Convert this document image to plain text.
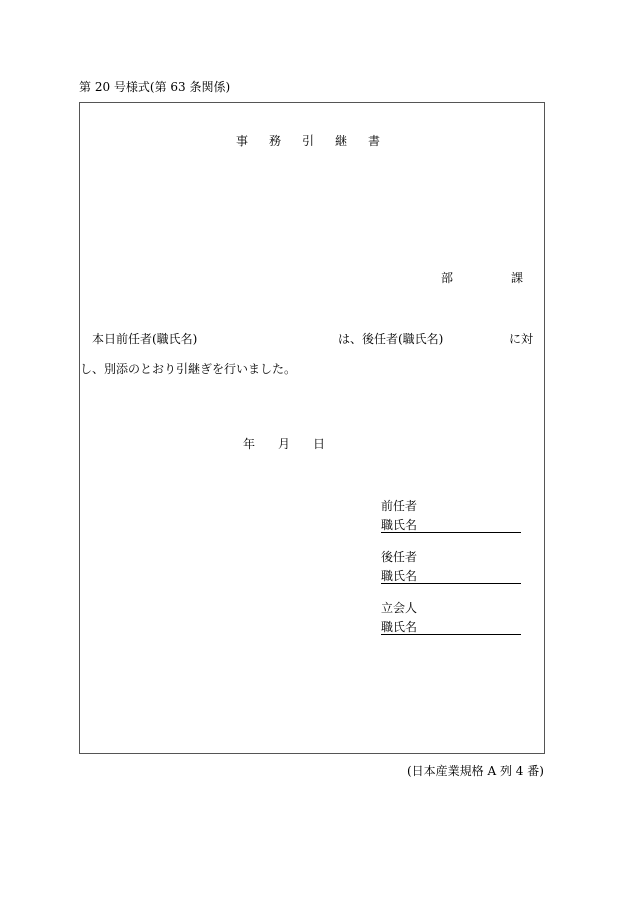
第 20 号様式(第 63 条関係)
事務引継書
部	課
本日前任者(職氏名)	は、後任者(職氏名)	に対
し、別添のとおり引継ぎを行いました。
年 月 日
前任者
職氏名
後任者
職氏名
立会人
職氏名
(日本産業規格 A 列 4 番)
